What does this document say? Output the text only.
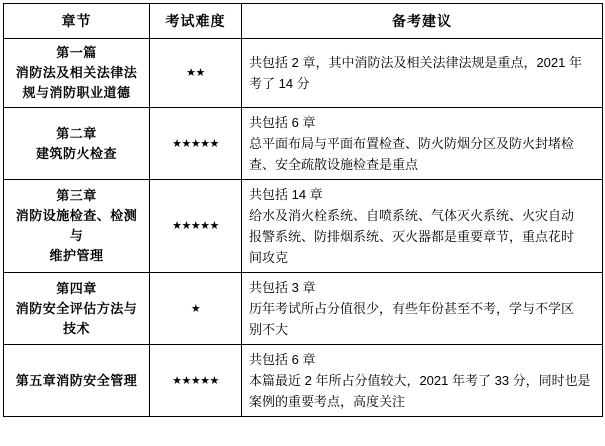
章节	考试难度	备考建议

第一篇
消防法及相关法律法
规与消防职业道德	★★	共包括 2 章，其中消防法及相关法律法规是重点，2021 年
考了 14 分

第二章
建筑防火检查	★★★★★	共包括 6 章
总平面布局与平面布置检查、防火防烟分区及防火封堵检
查、安全疏散设施检查是重点

第三章
消防设施检查、检测与
维护管理	★★★★★	共包括 14 章
给水及消火栓系统、自喷系统、气体灭火系统、火灾自动
报警系统、防排烟系统、灭火器都是重要章节，重点花时
间攻克

第四章
消防安全评估方法与
技术	★	共包括 3 章
历年考试所占分值很少，有些年份甚至不考，学与不学区
别不大

第五章消防安全管理	★★★★★	共包括 6 章
本篇最近 2 年所占分值较大，2021 年考了 33 分，同时也是
案例的重要考点，高度关注
